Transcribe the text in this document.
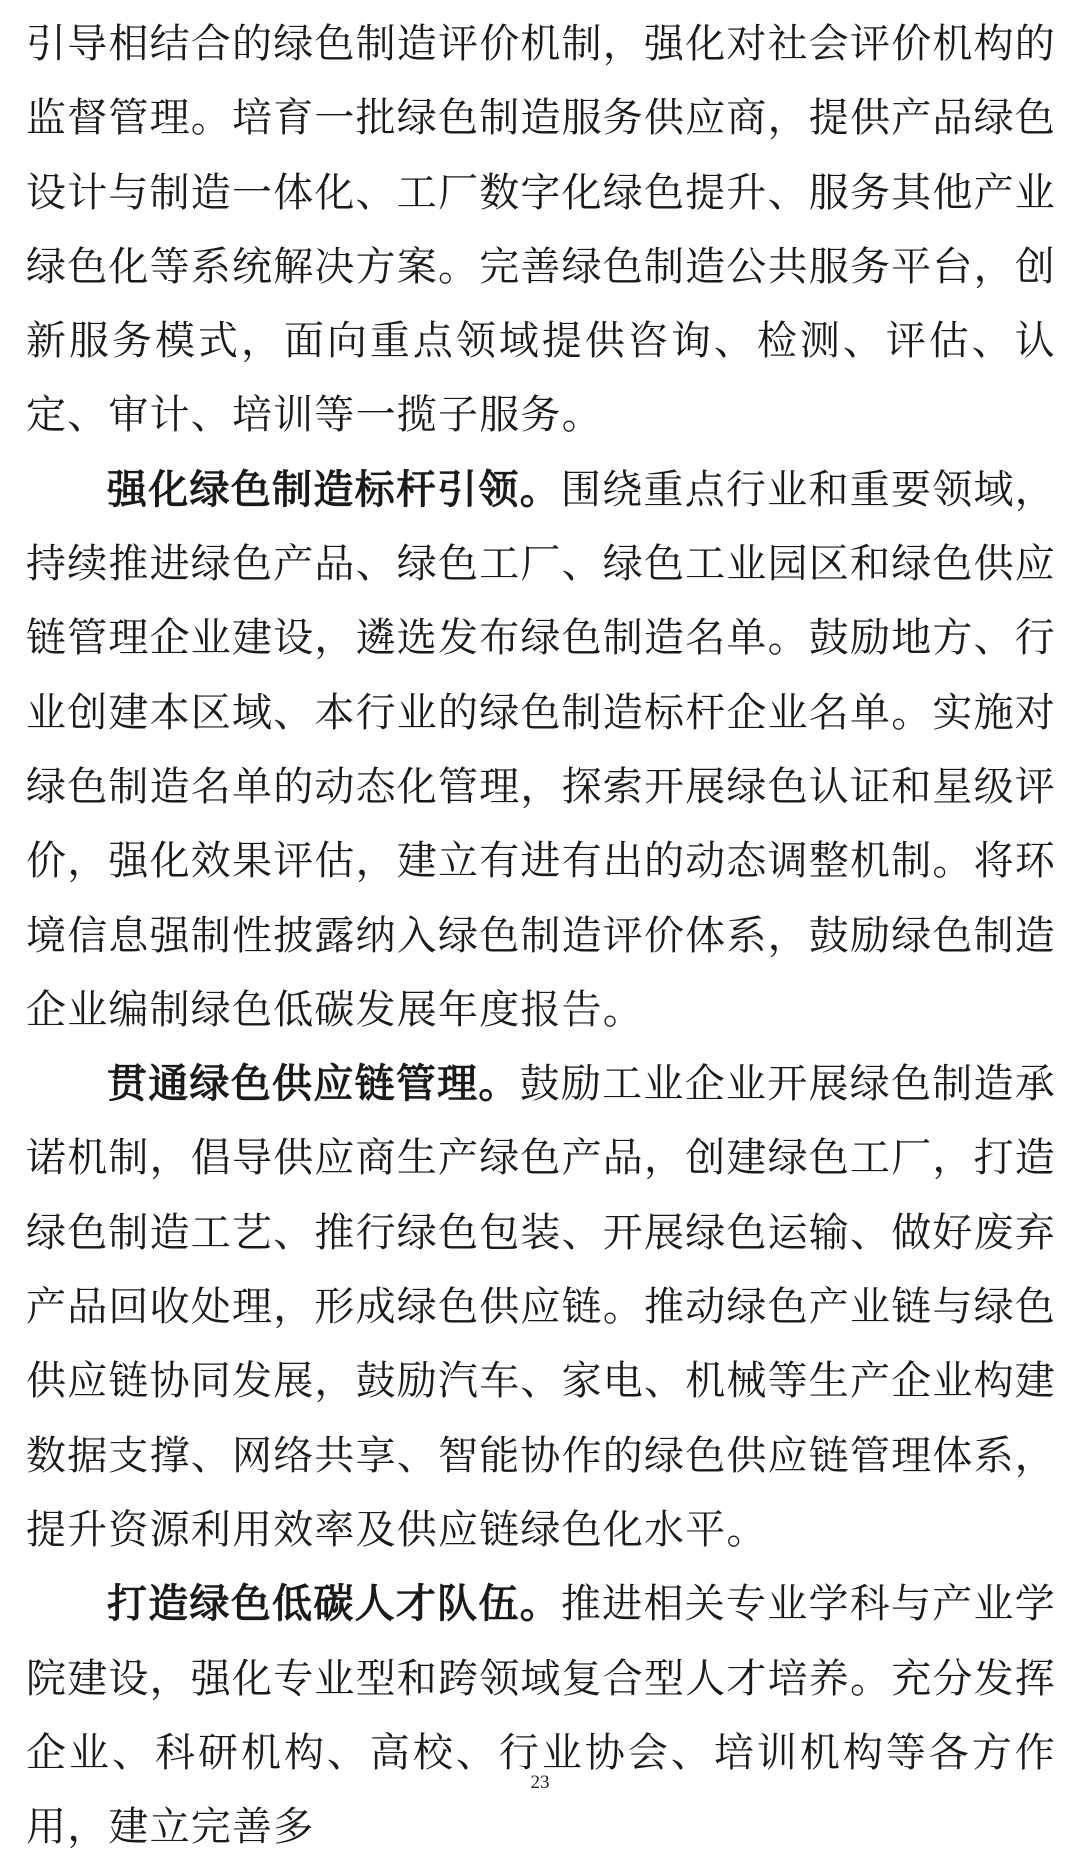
引导相结合的绿色制造评价机制，强化对社会评价机构的监督管理。培育一批绿色制造服务供应商，提供产品绿色设计与制造一体化、工厂数字化绿色提升、服务其他产业绿色化等系统解决方案。完善绿色制造公共服务平台，创新服务模式，面向重点领域提供咨询、检测、评估、认定、审计、培训等一揽子服务。

强化绿色制造标杆引领。围绕重点行业和重要领域，持续推进绿色产品、绿色工厂、绿色工业园区和绿色供应链管理企业建设，遴选发布绿色制造名单。鼓励地方、行业创建本区域、本行业的绿色制造标杆企业名单。实施对绿色制造名单的动态化管理，探索开展绿色认证和星级评价，强化效果评估，建立有进有出的动态调整机制。将环境信息强制性披露纳入绿色制造评价体系，鼓励绿色制造企业编制绿色低碳发展年度报告。

贯通绿色供应链管理。鼓励工业企业开展绿色制造承诺机制，倡导供应商生产绿色产品，创建绿色工厂，打造绿色制造工艺、推行绿色包装、开展绿色运输、做好废弃产品回收处理，形成绿色供应链。推动绿色产业链与绿色供应链协同发展，鼓励汽车、家电、机械等生产企业构建数据支撑、网络共享、智能协作的绿色供应链管理体系，提升资源利用效率及供应链绿色化水平。

打造绿色低碳人才队伍。推进相关专业学科与产业学院建设，强化专业型和跨领域复合型人才培养。充分发挥企业、科研机构、高校、行业协会、培训机构等各方作用，建立完善多

23
